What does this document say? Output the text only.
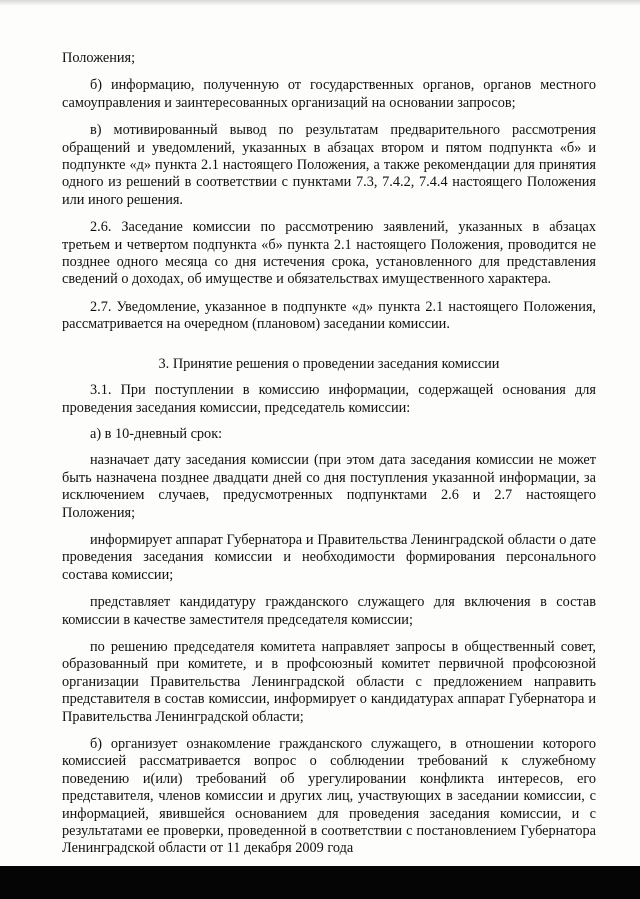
Положения;

б) информацию, полученную от государственных органов, органов местного самоуправления и заинтересованных организаций на основании запросов;

в) мотивированный вывод по результатам предварительного рассмотрения обращений и уведомлений, указанных в абзацах втором и пятом подпункта «б» и подпункте «д» пункта 2.1 настоящего Положения, а также рекомендации для принятия одного из решений в соответствии с пунктами 7.3, 7.4.2, 7.4.4 настоящего Положения или иного решения.

2.6. Заседание комиссии по рассмотрению заявлений, указанных в абзацах третьем и четвертом подпункта «б» пункта 2.1 настоящего Положения, проводится не позднее одного месяца со дня истечения срока, установленного для представления сведений о доходах, об имуществе и обязательствах имущественного характера.

2.7. Уведомление, указанное в подпункте «д» пункта 2.1 настоящего Положения, рассматривается на очередном (плановом) заседании комиссии.

3. Принятие решения о проведении заседания комиссии

3.1. При поступлении в комиссию информации, содержащей основания для проведения заседания комиссии, председатель комиссии:

а) в 10-дневный срок:

назначает дату заседания комиссии (при этом дата заседания комиссии не может быть назначена позднее двадцати дней со дня поступления указанной информации, за исключением случаев, предусмотренных подпунктами 2.6 и 2.7 настоящего Положения;

информирует аппарат Губернатора и Правительства Ленинградской области о дате проведения заседания комиссии и необходимости формирования персонального состава комиссии;

представляет кандидатуру гражданского служащего для включения в состав комиссии в качестве заместителя председателя комиссии;

по решению председателя комитета направляет запросы в общественный совет, образованный при комитете, и в профсоюзный комитет первичной профсоюзной организации Правительства Ленинградской области с предложением направить представителя в состав комиссии, информирует о кандидатурах аппарат Губернатора и Правительства Ленинградской области;

б) организует ознакомление гражданского служащего, в отношении которого комиссией рассматривается вопрос о соблюдении требований к служебному поведению и(или) требований об урегулировании конфликта интересов, его представителя, членов комиссии и других лиц, участвующих в заседании комиссии, с информацией, явившейся основанием для проведения заседания комиссии, и с результатами ее проверки, проведенной в соответствии с постановлением Губернатора Ленинградской области от 11 декабря 2009 года
